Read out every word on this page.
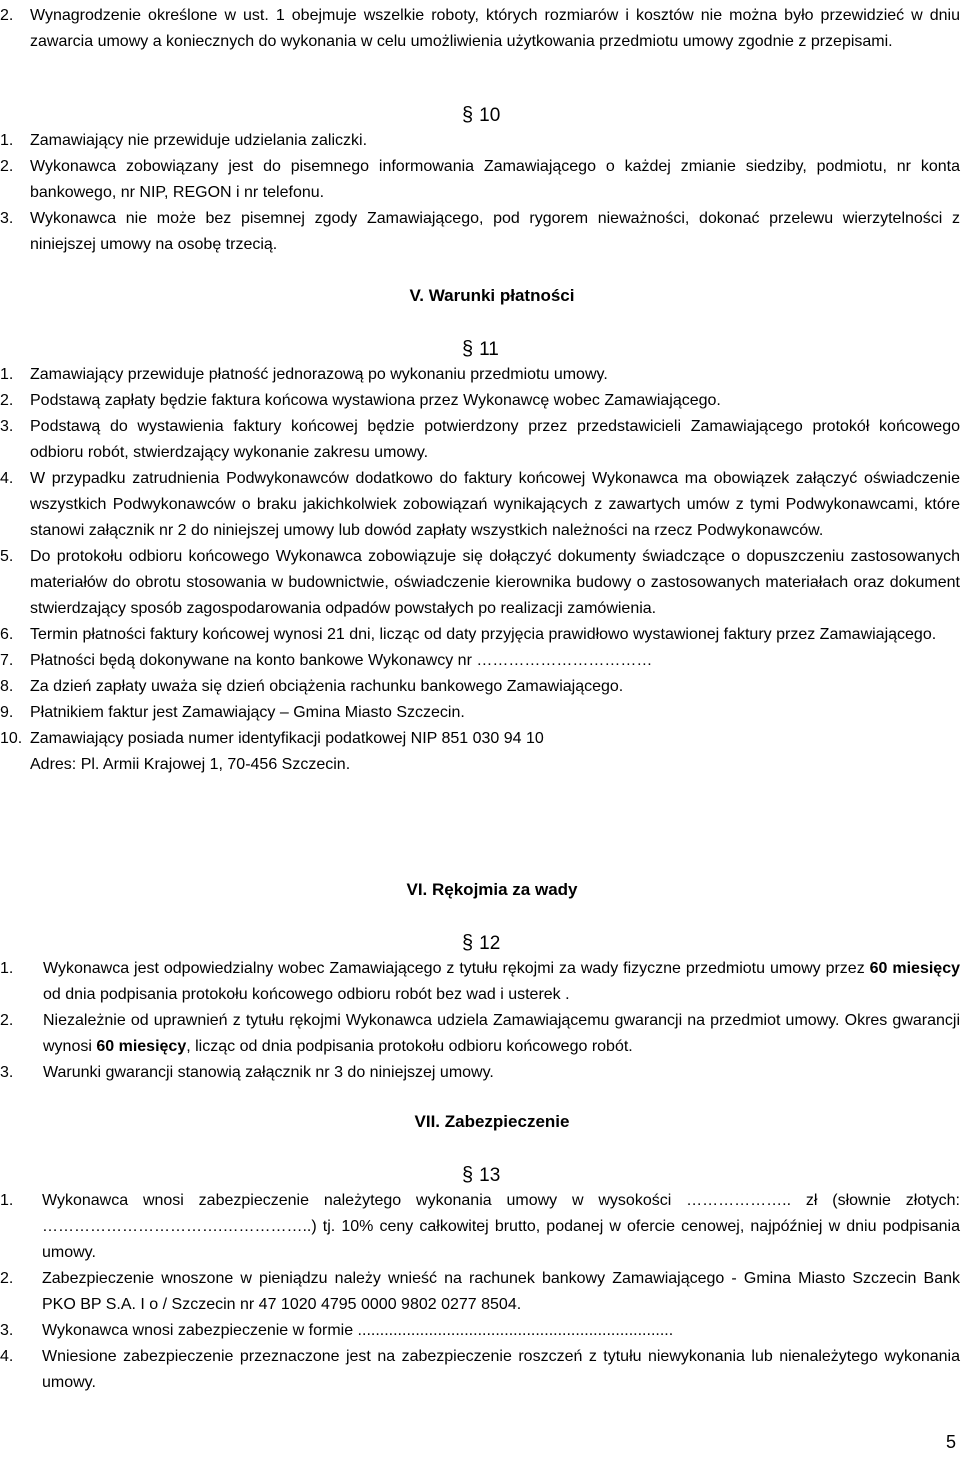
2. Wynagrodzenie określone w ust. 1 obejmuje wszelkie roboty, których rozmiarów i kosztów nie można było przewidzieć w dniu zawarcia umowy a koniecznych do wykonania w celu umożliwienia użytkowania przedmiotu umowy zgodnie z przepisami.
§ 10
1. Zamawiający nie przewiduje udzielania zaliczki.
2. Wykonawca zobowiązany jest do pisemnego informowania Zamawiającego o każdej zmianie siedziby, podmiotu, nr konta bankowego, nr NIP, REGON i nr telefonu.
3. Wykonawca nie może bez pisemnej zgody Zamawiającego, pod rygorem nieważności, dokonać przelewu wierzytelności z niniejszej umowy na osobę trzecią.
V. Warunki płatności
§ 11
1. Zamawiający przewiduje płatność jednorazową po wykonaniu przedmiotu umowy.
2. Podstawą zapłaty będzie faktura końcowa wystawiona przez Wykonawcę wobec Zamawiającego.
3. Podstawą do wystawienia faktury końcowej będzie potwierdzony przez przedstawicieli Zamawiającego protokół końcowego odbioru robót, stwierdzający wykonanie zakresu umowy.
4. W przypadku zatrudnienia Podwykonawców dodatkowo do faktury końcowej Wykonawca ma obowiązek załączyć oświadczenie wszystkich Podwykonawców o braku jakichkolwiek zobowiązań wynikających z zawartych umów z tymi Podwykonawcami, które stanowi załącznik nr 2 do niniejszej umowy lub dowód zapłaty wszystkich należności na rzecz Podwykonawców.
5. Do protokołu odbioru końcowego Wykonawca zobowiązuje się dołączyć dokumenty świadczące o dopuszczeniu zastosowanych materiałów do obrotu stosowania w budownictwie, oświadczenie kierownika budowy o zastosowanych materiałach oraz dokument stwierdzający sposób zagospodarowania odpadów powstałych po realizacji zamówienia.
6. Termin płatności faktury końcowej wynosi 21 dni, licząc od daty przyjęcia prawidłowo wystawionej faktury przez Zamawiającego.
7. Płatności będą dokonywane na konto bankowe Wykonawcy nr ……………………………
8. Za dzień zapłaty uważa się dzień obciążenia rachunku bankowego Zamawiającego.
9. Płatnikiem faktur jest Zamawiający – Gmina Miasto Szczecin.
10. Zamawiający posiada numer identyfikacji podatkowej NIP 851 030 94 10
Adres: Pl. Armii Krajowej 1, 70-456 Szczecin.
VI. Rękojmia za wady
§ 12
1. Wykonawca jest odpowiedzialny wobec Zamawiającego z tytułu rękojmi za wady fizyczne przedmiotu umowy przez 60 miesięcy od dnia podpisania protokołu końcowego odbioru robót bez wad i usterek .
2. Niezależnie od uprawnień z tytułu rękojmi Wykonawca udziela Zamawiającemu gwarancji na przedmiot umowy. Okres gwarancji wynosi 60 miesięcy, licząc od dnia podpisania protokołu odbioru końcowego robót.
3. Warunki gwarancji stanowią załącznik nr 3 do niniejszej umowy.
VII. Zabezpieczenie
§ 13
1. Wykonawca wnosi zabezpieczenie należytego wykonania umowy w wysokości ……………….. zł (słownie złotych: …………………………….……………..) tj. 10% ceny całkowitej brutto, podanej w ofercie cenowej, najpóźniej w dniu podpisania umowy.
2. Zabezpieczenie wnoszone w pieniądzu należy wnieść na rachunek bankowy Zamawiającego - Gmina Miasto Szczecin Bank PKO BP S.A. I o / Szczecin nr 47 1020 4795 0000 9802 0277 8504.
3. Wykonawca wnosi zabezpieczenie w formie .......................................................................
4. Wniesione zabezpieczenie przeznaczone jest na zabezpieczenie roszczeń z tytułu niewykonania lub nienależytego wykonania umowy.
5
